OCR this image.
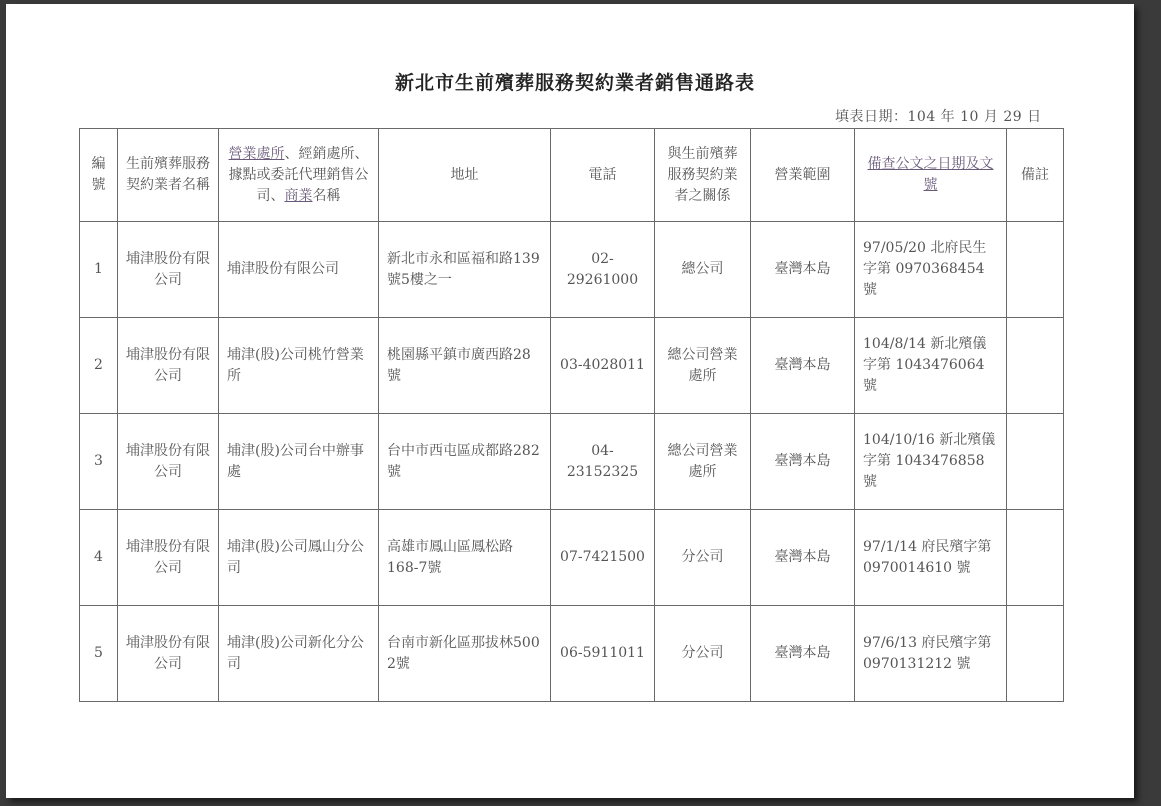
新北市生前殯葬服務契約業者銷售通路表
填表日期：104 年 10 月 29 日
編號	生前殯葬服務契約業者名稱	營業處所、經銷處所、據點或委託代理銷售公司、商業名稱	地址	電話	與生前殯葬服務契約業者之關係	營業範圍	備查公文之日期及文號	備註
1	埔津股份有限公司	埔津股份有限公司	新北市永和區福和路139號5樓之一	02-29261000	總公司	臺灣本島	97/05/20 北府民生字第 0970368454 號	
2	埔津股份有限公司	埔津(股)公司桃竹營業所	桃園縣平鎮市廣西路28號	03-4028011	總公司營業處所	臺灣本島	104/8/14 新北殯儀字第 1043476064 號	
3	埔津股份有限公司	埔津(股)公司台中辦事處	台中市西屯區成都路282號	04-23152325	總公司營業處所	臺灣本島	104/10/16 新北殯儀字第 1043476858 號	
4	埔津股份有限公司	埔津(股)公司鳳山分公司	高雄市鳳山區鳳松路168-7號	07-7421500	分公司	臺灣本島	97/1/14 府民殯字第 0970014610 號	
5	埔津股份有限公司	埔津(股)公司新化分公司	台南市新化區那拔林500 2號	06-5911011	分公司	臺灣本島	97/6/13 府民殯字第 0970131212 號	
